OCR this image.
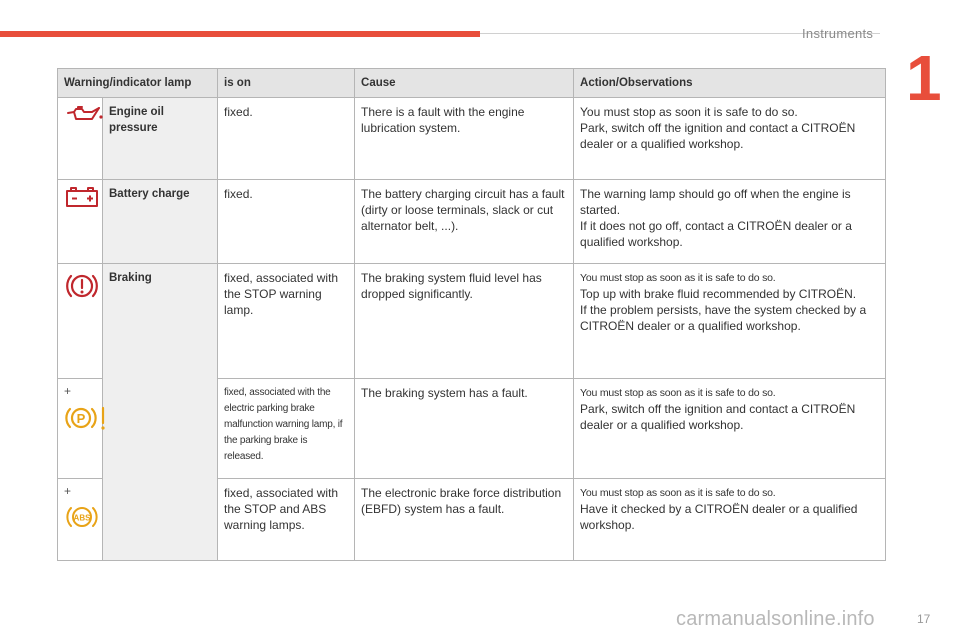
Instruments
1
Warning/indicator lamp		is on	Cause	Action/Observations

	Engine oil pressure	fixed.	There is a fault with the engine lubrication system.	You must stop as soon it is safe to do so.
Park, switch off the ignition and contact a CITROËN dealer or a qualified workshop.

	Battery charge	fixed.	The battery charging circuit has a fault (dirty or loose terminals, slack or cut alternator belt, ...).	The warning lamp should go off when the engine is started.
If it does not go off, contact a CITROËN dealer or a qualified workshop.

	Braking	fixed, associated with the STOP warning lamp.	The braking system fluid level has dropped significantly.	You must stop as soon as it is safe to do so.
Top up with brake fluid recommended by CITROËN.
If the problem persists, have the system checked by a CITROËN dealer or a qualified workshop.

+
P		fixed, associated with the electric parking brake malfunction warning lamp, if the parking brake is released.	The braking system has a fault.	You must stop as soon as it is safe to do so.
Park, switch off the ignition and contact a CITROËN dealer or a qualified workshop.

+
ABS		fixed, associated with the STOP and ABS warning lamps.	The electronic brake force distribution (EBFD) system has a fault.	You must stop as soon as it is safe to do so.
Have it checked by a CITROËN dealer or a qualified workshop.
carmanualsonline.info	17
